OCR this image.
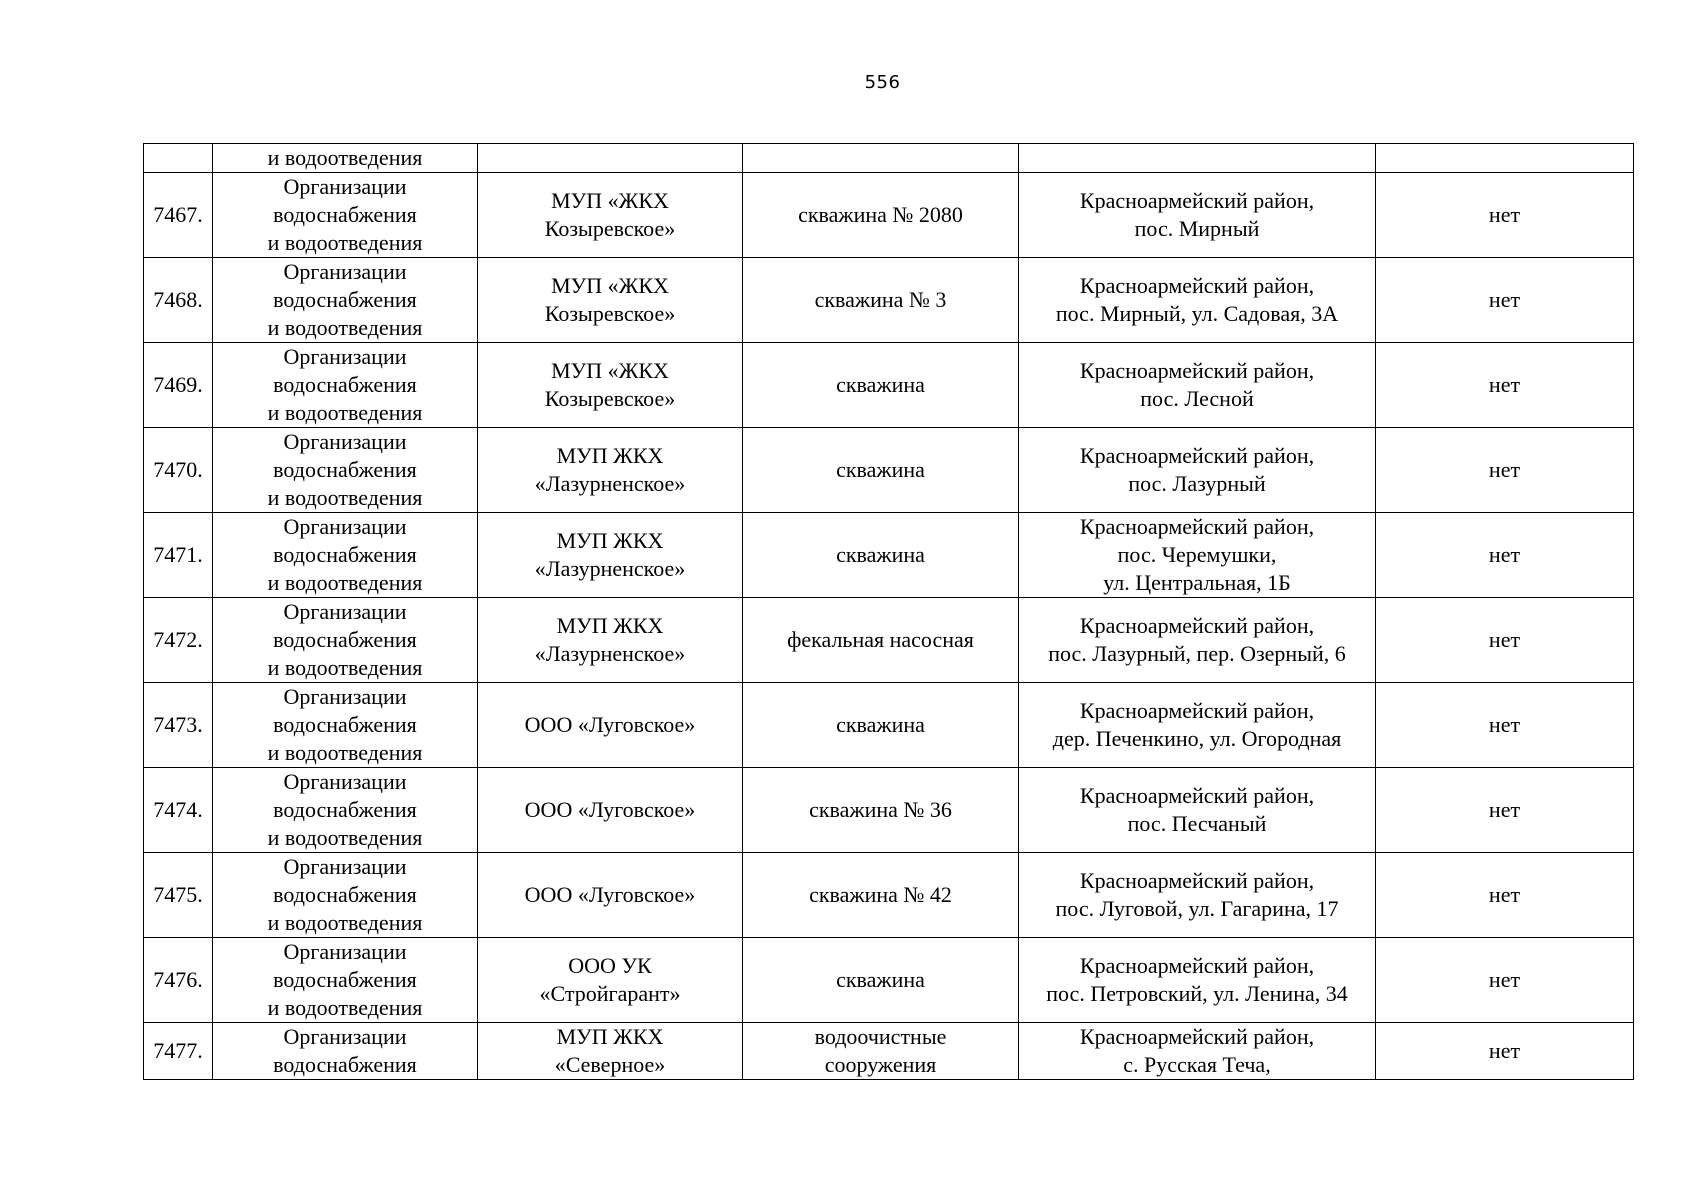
556
	и водоотведения				
7467.	Организации
водоснабжения
и водоотведения	МУП «ЖКХ
Козыревское»	скважина № 2080	Красноармейский район,
пос. Мирный	нет
7468.	Организации
водоснабжения
и водоотведения	МУП «ЖКХ
Козыревское»	скважина № 3	Красноармейский район,
пос. Мирный, ул. Садовая, 3А	нет
7469.	Организации
водоснабжения
и водоотведения	МУП «ЖКХ
Козыревское»	скважина	Красноармейский район,
пос. Лесной	нет
7470.	Организации
водоснабжения
и водоотведения	МУП ЖКХ
«Лазурненское»	скважина	Красноармейский район,
пос. Лазурный	нет
7471.	Организации
водоснабжения
и водоотведения	МУП ЖКХ
«Лазурненское»	скважина	Красноармейский район,
пос. Черемушки,
ул. Центральная, 1Б	нет
7472.	Организации
водоснабжения
и водоотведения	МУП ЖКХ
«Лазурненское»	фекальная насосная	Красноармейский район,
пос. Лазурный, пер. Озерный, 6	нет
7473.	Организации
водоснабжения
и водоотведения	ООО «Луговское»	скважина	Красноармейский район,
дер. Печенкино, ул. Огородная	нет
7474.	Организации
водоснабжения
и водоотведения	ООО «Луговское»	скважина № 36	Красноармейский район,
пос. Песчаный	нет
7475.	Организации
водоснабжения
и водоотведения	ООО «Луговское»	скважина № 42	Красноармейский район,
пос. Луговой, ул. Гагарина, 17	нет
7476.	Организации
водоснабжения
и водоотведения	ООО УК
«Стройгарант»	скважина	Красноармейский район,
пос. Петровский, ул. Ленина, 34	нет
7477.	Организации
водоснабжения	МУП ЖКХ
«Северное»	водоочистные
сооружения	Красноармейский район,
с. Русская Теча,	нет
